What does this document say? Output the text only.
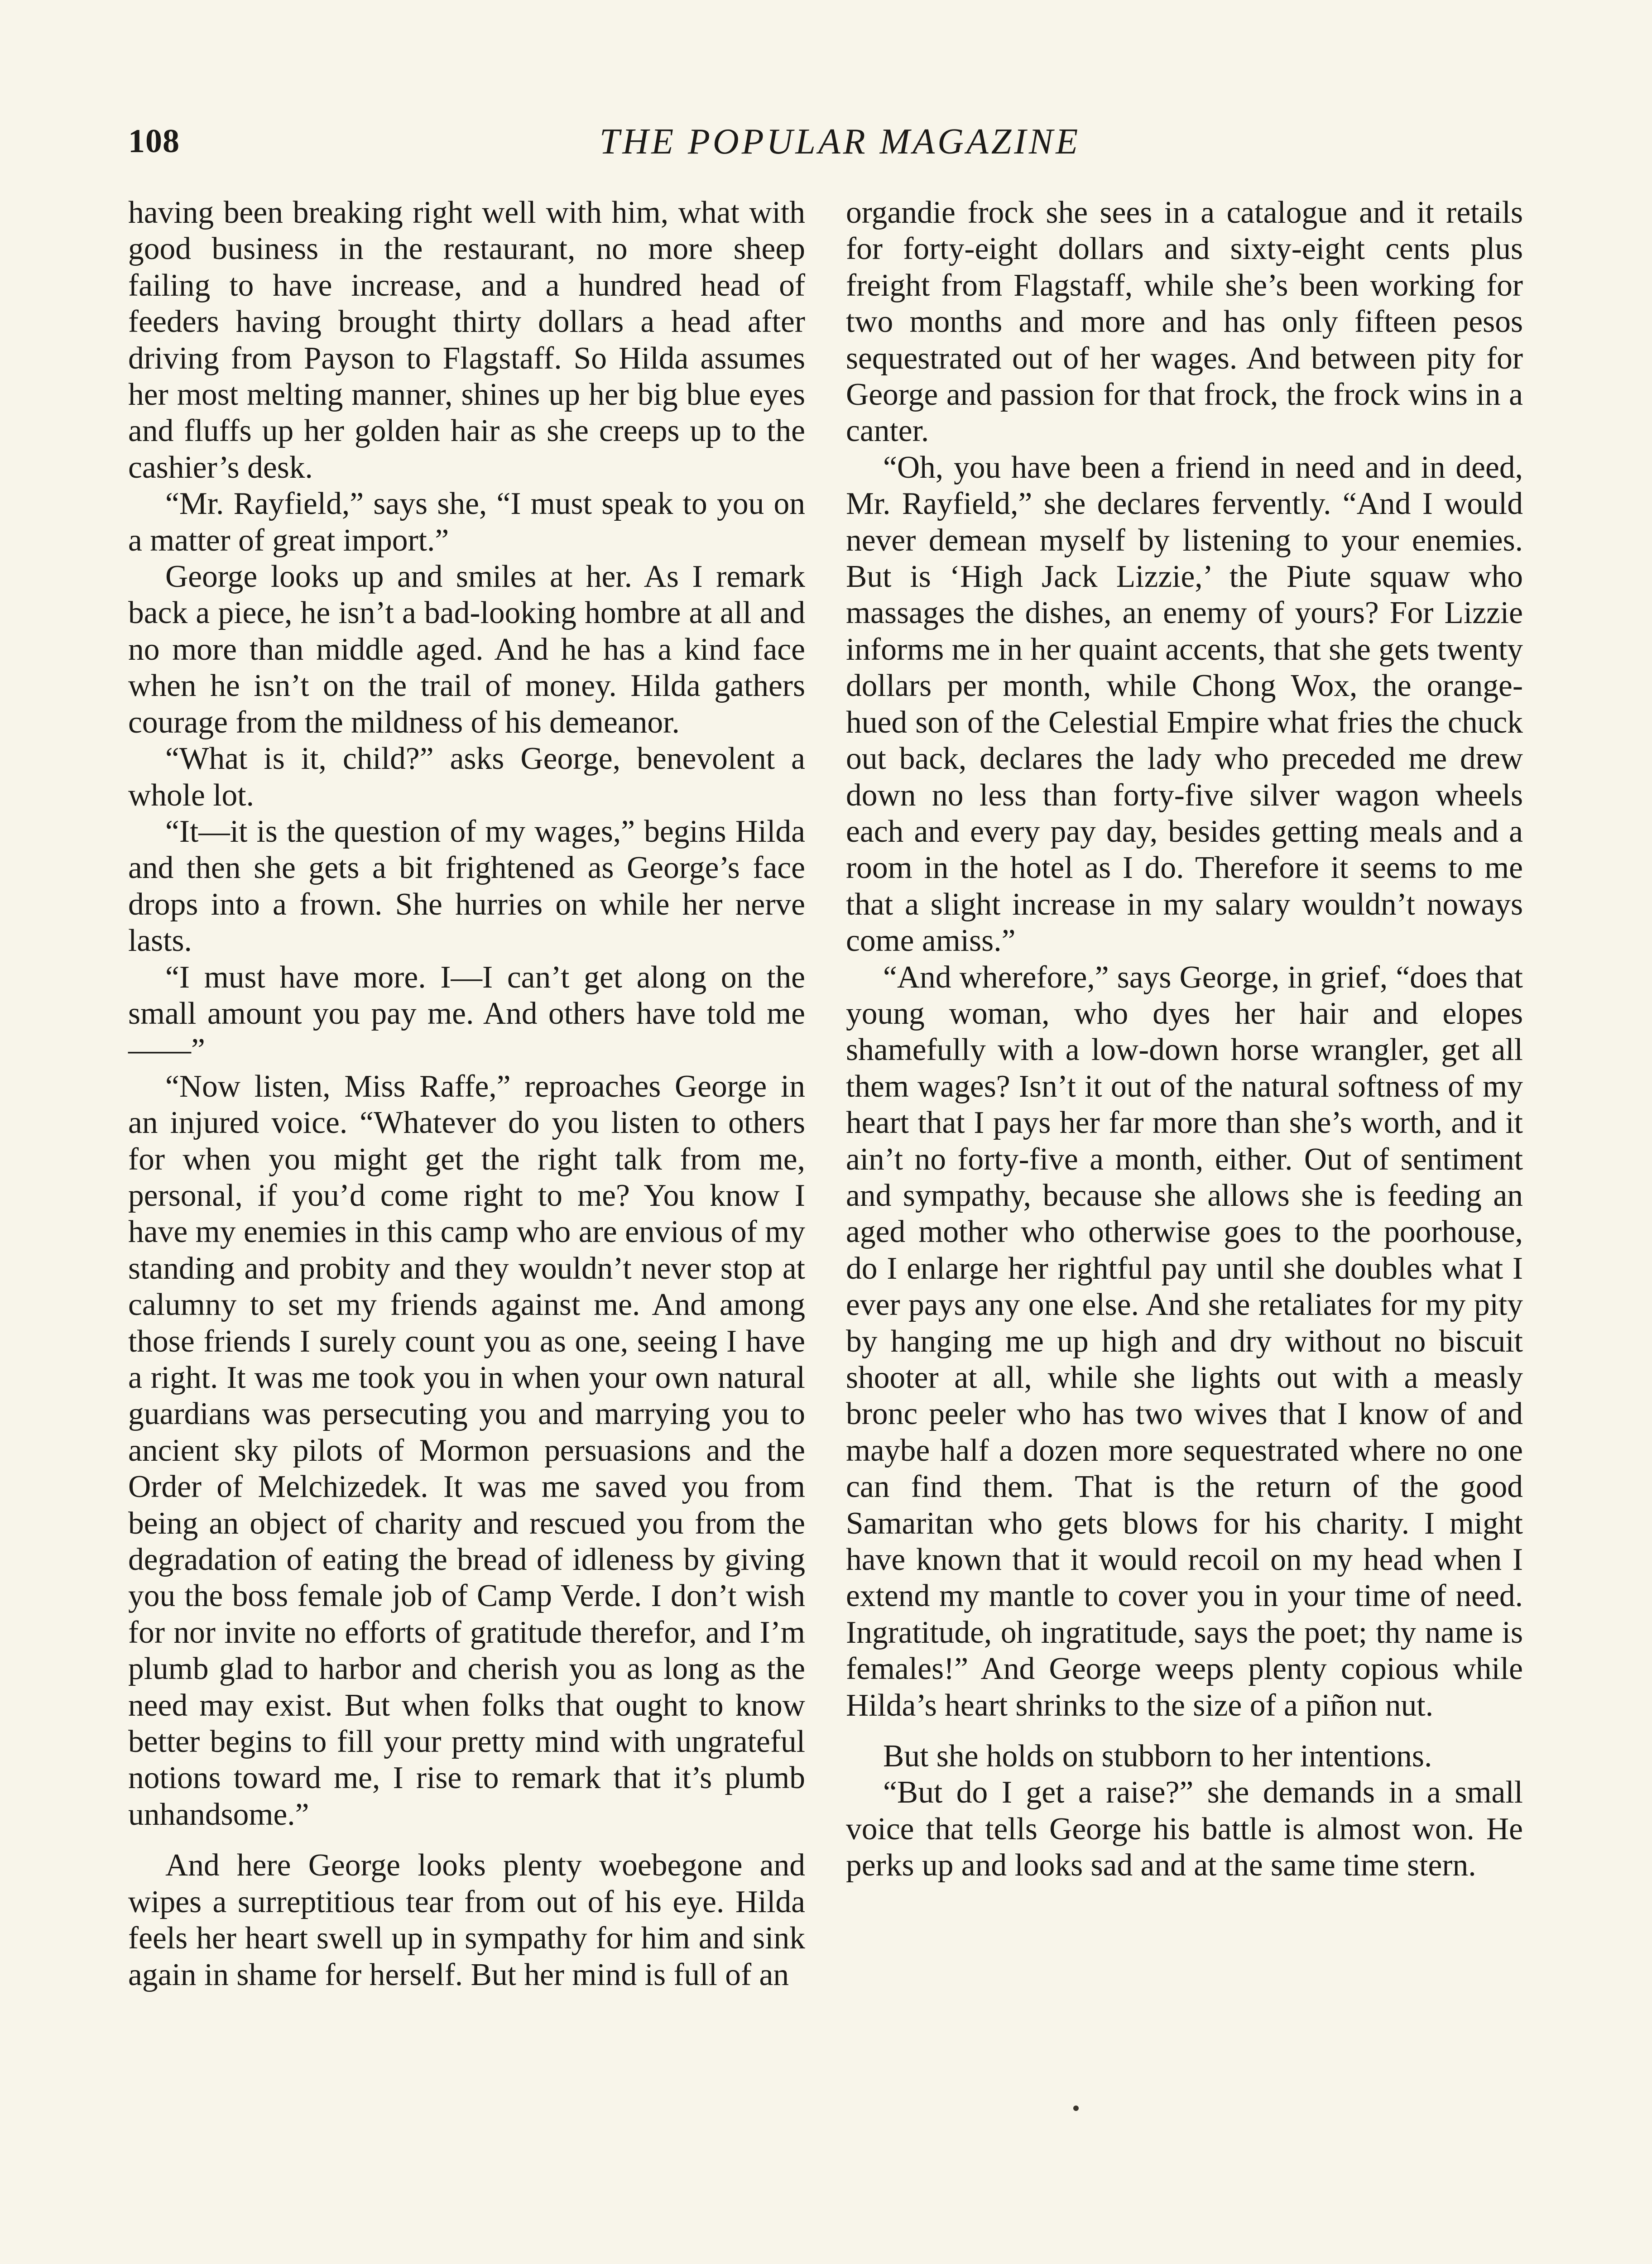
108	THE POPULAR MAGAZINE

having been breaking right well with him, what with good business in the restaurant, no more sheep failing to have increase, and a hundred head of feeders having brought thirty dollars a head after driving from Payson to Flagstaff. So Hilda assumes her most melting manner, shines up her big blue eyes and fluffs up her golden hair as she creeps up to the cashier’s desk.

“Mr. Rayfield,” says she, “I must speak to you on a matter of great import.”

George looks up and smiles at her. As I remark back a piece, he isn’t a bad-looking hombre at all and no more than middle aged. And he has a kind face when he isn’t on the trail of money. Hilda gathers courage from the mildness of his demeanor.

“What is it, child?” asks George, benevolent a whole lot.

“It—it is the question of my wages,” begins Hilda and then she gets a bit frightened as George’s face drops into a frown. She hurries on while her nerve lasts.

“I must have more. I—I can’t get along on the small amount you pay me. And others have told me——”

“Now listen, Miss Raffe,” reproaches George in an injured voice. “Whatever do you listen to others for when you might get the right talk from me, personal, if you’d come right to me? You know I have my enemies in this camp who are envious of my standing and probity and they wouldn’t never stop at calumny to set my friends against me. And among those friends I surely count you as one, seeing I have a right. It was me took you in when your own natural guardians was persecuting you and marrying you to ancient sky pilots of Mormon persuasions and the Order of Melchizedek. It was me saved you from being an object of charity and rescued you from the degradation of eating the bread of idleness by giving you the boss female job of Camp Verde. I don’t wish for nor invite no efforts of gratitude therefor, and I’m plumb glad to harbor and cherish you as long as the need may exist. But when folks that ought to know better begins to fill your pretty mind with ungrateful notions toward me, I rise to remark that it’s plumb unhandsome.”

And here George looks plenty woebegone and wipes a surreptitious tear from out of his eye. Hilda feels her heart swell up in sympathy for him and sink again in shame for herself. But her mind is full of an

organdie frock she sees in a catalogue and it retails for forty-eight dollars and sixty-eight cents plus freight from Flagstaff, while she’s been working for two months and more and has only fifteen pesos sequestrated out of her wages. And between pity for George and passion for that frock, the frock wins in a canter.

“Oh, you have been a friend in need and in deed, Mr. Rayfield,” she declares fervently. “And I would never demean myself by listening to your enemies. But is ‘High Jack Lizzie,’ the Piute squaw who massages the dishes, an enemy of yours? For Lizzie informs me in her quaint accents, that she gets twenty dollars per month, while Chong Wox, the orange-hued son of the Celestial Empire what fries the chuck out back, declares the lady who preceded me drew down no less than forty-five silver wagon wheels each and every pay day, besides getting meals and a room in the hotel as I do. Therefore it seems to me that a slight increase in my salary wouldn’t noways come amiss.”

“And wherefore,” says George, in grief, “does that young woman, who dyes her hair and elopes shamefully with a low-down horse wrangler, get all them wages? Isn’t it out of the natural softness of my heart that I pays her far more than she’s worth, and it ain’t no forty-five a month, either. Out of sentiment and sympathy, because she allows she is feeding an aged mother who otherwise goes to the poorhouse, do I enlarge her rightful pay until she doubles what I ever pays any one else. And she retaliates for my pity by hanging me up high and dry without no biscuit shooter at all, while she lights out with a measly bronc peeler who has two wives that I know of and maybe half a dozen more sequestrated where no one can find them. That is the return of the good Samaritan who gets blows for his charity. I might have known that it would recoil on my head when I extend my mantle to cover you in your time of need. Ingratitude, oh ingratitude, says the poet; thy name is females!” And George weeps plenty copious while Hilda’s heart shrinks to the size of a piñon nut.

But she holds on stubborn to her intentions.

“But do I get a raise?” she demands in a small voice that tells George his battle is almost won. He perks up and looks sad and at the same time stern.
